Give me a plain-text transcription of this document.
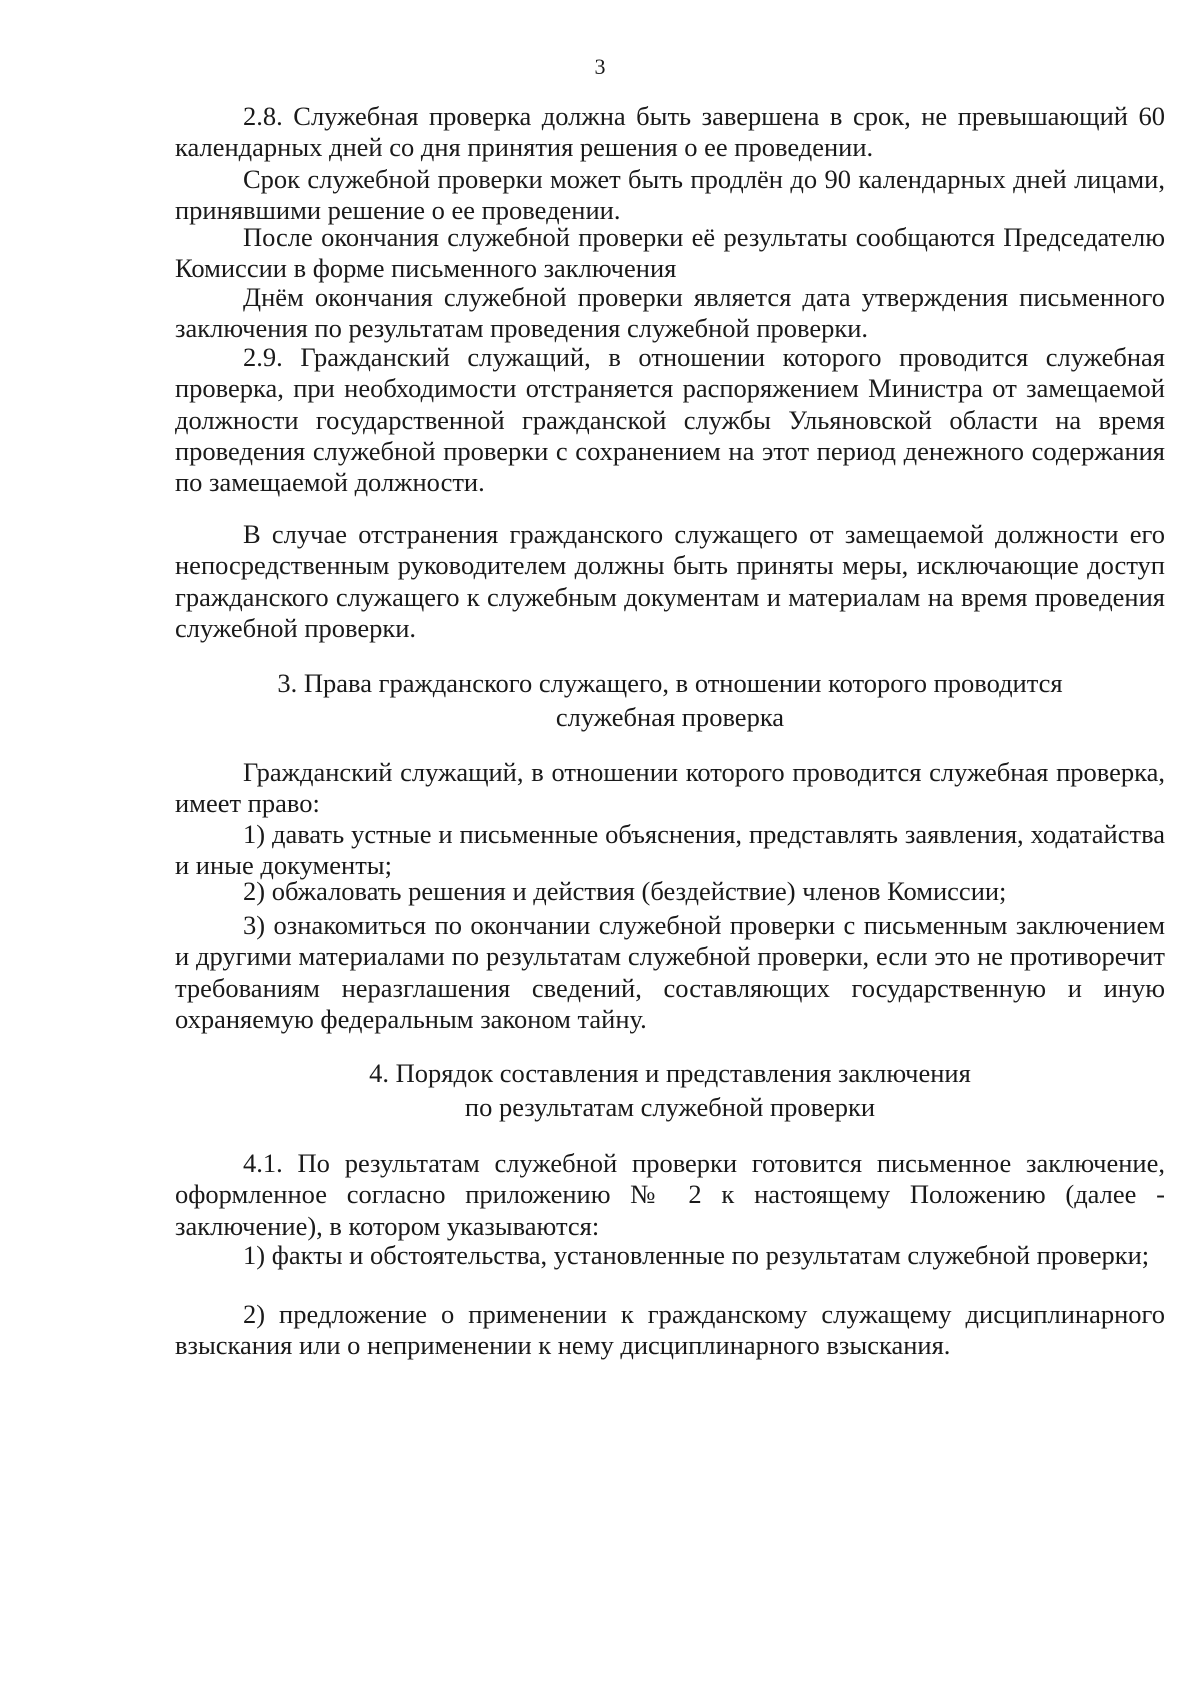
3

2.8. Служебная проверка должна быть завершена в срок, не превышающий 60 календарных дней со дня принятия решения о ее проведении.

Срок служебной проверки может быть продлён до 90 календарных дней лицами, принявшими решение о ее проведении.

После окончания служебной проверки её результаты сообщаются Председателю Комиссии в форме письменного заключения

Днём окончания служебной проверки является дата утверждения письменного заключения по результатам проведения служебной проверки.

2.9. Гражданский служащий, в отношении которого проводится служебная проверка, при необходимости отстраняется распоряжением Министра от замещаемой должности государственной гражданской службы Ульяновской области на время проведения служебной проверки с сохранением на этот период денежного содержания по замещаемой должности.

В случае отстранения гражданского служащего от замещаемой должности его непосредственным руководителем должны быть приняты меры, исключающие доступ гражданского служащего к служебным документам и материалам на время проведения служебной проверки.

3. Права гражданского служащего, в отношении которого проводится
служебная проверка

Гражданский служащий, в отношении которого проводится служебная проверка, имеет право:

1) давать устные и письменные объяснения, представлять заявления, ходатайства и иные документы;

2) обжаловать решения и действия (бездействие) членов Комиссии;

3) ознакомиться по окончании служебной проверки с письменным заключением и другими материалами по результатам служебной проверки, если это не противоречит требованиям неразглашения сведений, составляющих государственную и иную охраняемую федеральным законом тайну.

4. Порядок составления и представления заключения
по результатам служебной проверки

4.1. По результатам служебной проверки готовится письменное заключение, оформленное согласно приложению № 2 к настоящему Положению (далее - заключение), в котором указываются:

1) факты и обстоятельства, установленные по результатам служебной проверки;

2) предложение о применении к гражданскому служащему дисциплинарного взыскания или о неприменении к нему дисциплинарного взыскания.
